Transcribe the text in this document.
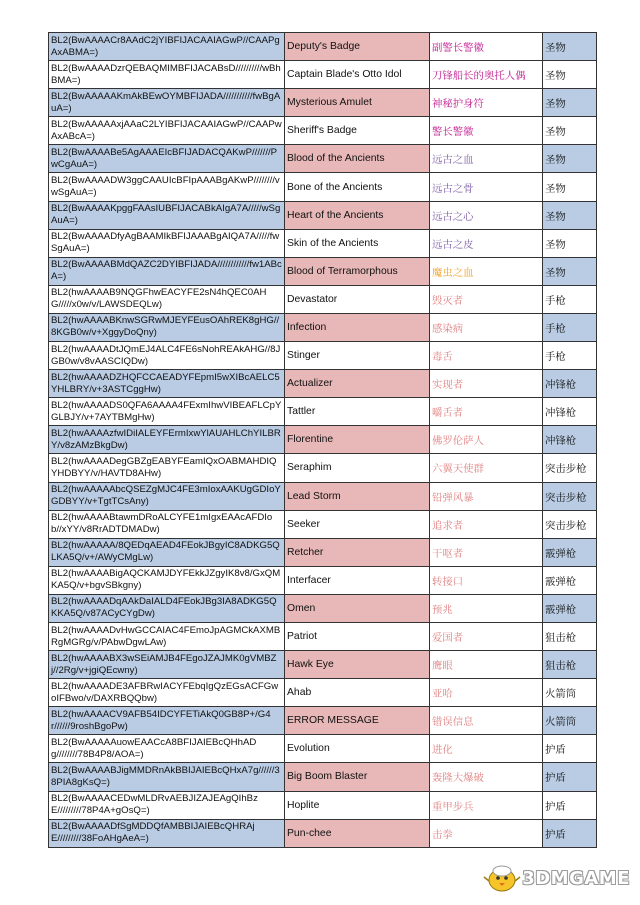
BL2(BwAAAACr8AAdC2jYIBFIJACAAIAGwP//CAAPgAxABMA=)	Deputy's Badge	副警长警徽	圣物
BL2(BwAAAADzrQEBAQMIMBFIJACABsD//////////wBhBMA=)	Captain Blade's Otto Idol	刀锋船长的奥托人偶	圣物
BL2(BwAAAAAKmAkBEwOYMBFIJADA///////////fwBgAuA=)	Mysterious Amulet	神秘护身符	圣物
BL2(BwAAAAAxjAAaC2LYIBFIJACAAIAGwP//CAAPwAxABcA=)	Sheriff's Badge	警长警徽	圣物
BL2(BwAAAABe5AgAAAEIcBFIJADACQAKwP///////PwCgAuA=)	Blood of the Ancients	远古之血	圣物
BL2(BwAAAADW3ggCAAUIcBFIpAAABgAKwP////////vwSgAuA=)	Bone of the Ancients	远古之骨	圣物
BL2(BwAAAAKpggFAAsIUBFIJACABkAIgA7A/////wSgAuA=)	Heart of the Ancients	远古之心	圣物
BL2(BwAAAADfyAgBAAMIkBFIJAAABgAIQA7A/////fwSgAuA=)	Skin of the Ancients	远古之皮	圣物
BL2(BwAAAABMdQAZC2DYIBFIJADA////////////fw1ABcA=)	Blood of Terramorphous	魔虫之血	圣物
BL2(hwAAAAB9NQGFhwEACYFE2sN4hQEC0AHG/////x0w/v/LAWSDEQLw)	Devastator	毁灭者	手枪
BL2(hwAAAABKnwSGRwMJEYFEusOAhREK8gHG//8KGB0w/v+XggyDoQny)	Infection	感染病	手枪
BL2(hwAAAADtJQmEJ4ALC4FE6sNohREAkAHG//8JGB0w/v8vAASCIQDw)	Stinger	毒舌	手枪
BL2(hwAAAADZHQFCCAEADYFEpmI5wXIBcAELC5YHLBRY/v+3ASTCggHw)	Actualizer	实现者	冲锋枪
BL2(hwAAAADS0QFA6AAAA4FExmIhwVIBEAFLCpYGLBJY/v+7AYTBMgHw)	Tattler	嚼舌者	冲锋枪
BL2(hwAAAAzfwIDiIALEYFErmIxwYlAUAHLChYILBRY/v8zAMzBkgDw)	Florentine	佛罗伦萨人	冲锋枪
BL2(hwAAAADegGBZgEABYFEamIQxOABMAHDIQYHDBYY/v/HAVTD8AHw)	Seraphim	六翼天使群	突击步枪
BL2(hwAAAAAbcQSEZgMJC4FE3mIoxAAKUgGDIoYGDBYY/v+TgtTCsAny)	Lead Storm	铅弹风暴	突击步枪
BL2(hwAAAABtawmDRoALCYFE1mIgxEAAcAFDIob//xYY/v8RrADTDMADw)	Seeker	追求者	突击步枪
BL2(hwAAAAA/8QEDqAEAD4FEokJBgyIC8ADKG5QLKA5Q/v+/AWyCMgLw)	Retcher	干呕者	霰弹枪
BL2(hwAAAABigAQCKAMJDYFEkkJZgyIK8v8/GxQMKA5Q/v+bgvSBkgny)	Interfacer	转接口	霰弹枪
BL2(hwAAAADqAAkDaIALD4FEokJBg3IA8ADKG5QKKA5Q/v87ACyCYgDw)	Omen	预兆	霰弹枪
BL2(hwAAAADvHwGCCAIAC4FEmoJpAGMCkAXMBRgMGRg/v/PAbwDgwLAw)	Patriot	爱国者	狙击枪
BL2(hwAAAABX3wSEiAMJB4FEgoJZAJMK0gVMBZj//2Rg/v+jgiQEcwny)	Hawk Eye	鹰眼	狙击枪
BL2(hwAAAADE3AFBRwIACYFEbqIgQzEGsACFGwoIFBwo/v/DAXRBQQbw)	Ahab	亚哈	火箭筒
BL2(hwAAAACV9AFB54IDCYFETiAkQ0GB8P+/G4r//////9roshBgoPw)	ERROR MESSAGE	错误信息	火箭筒
BL2(BwAAAAAuowEAACcA8BFIJAIEBcQHhADg////////78B4P8/AOA=)	Evolution	进化	护盾
BL2(BwAAAABJigMMDRnAkBBIJAIEBcQHxA7g//////38PIA8gKsQ=)	Big Boom Blaster	轰隆大爆破	护盾
BL2(BwAAAACEDwMLDRvAEBJIZAJEAgQIhBzE/////////78P4A+gOsQ=)	Hoplite	重甲步兵	护盾
BL2(BwAAAADfSgMDDQfAMBBIJAIEBcQHRAjE/////////38FoAHgAeA=)	Pun-chee	击拳	护盾
3DMGAME
